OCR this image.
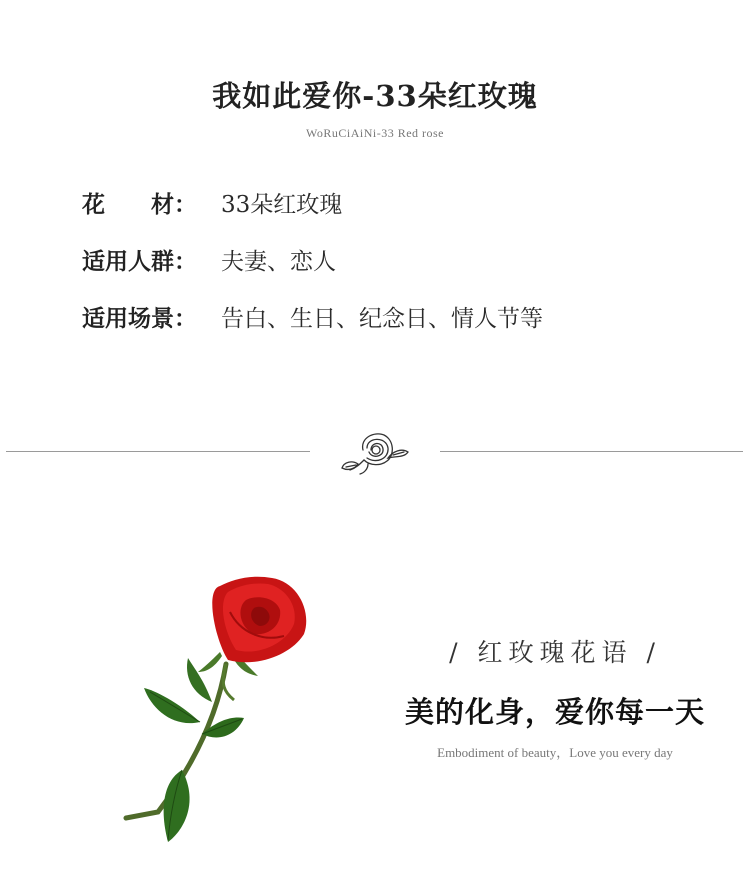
我如此爱你-33朵红玫瑰
WoRuCiAiNi-33 Red rose
花　　材： 33朵红玫瑰
适用人群： 夫妻、恋人
适用场景： 告白、生日、纪念日、情人节等
/ 红玫瑰花语 /
美的化身，爱你每一天
Embodiment of beauty，Love you every day
